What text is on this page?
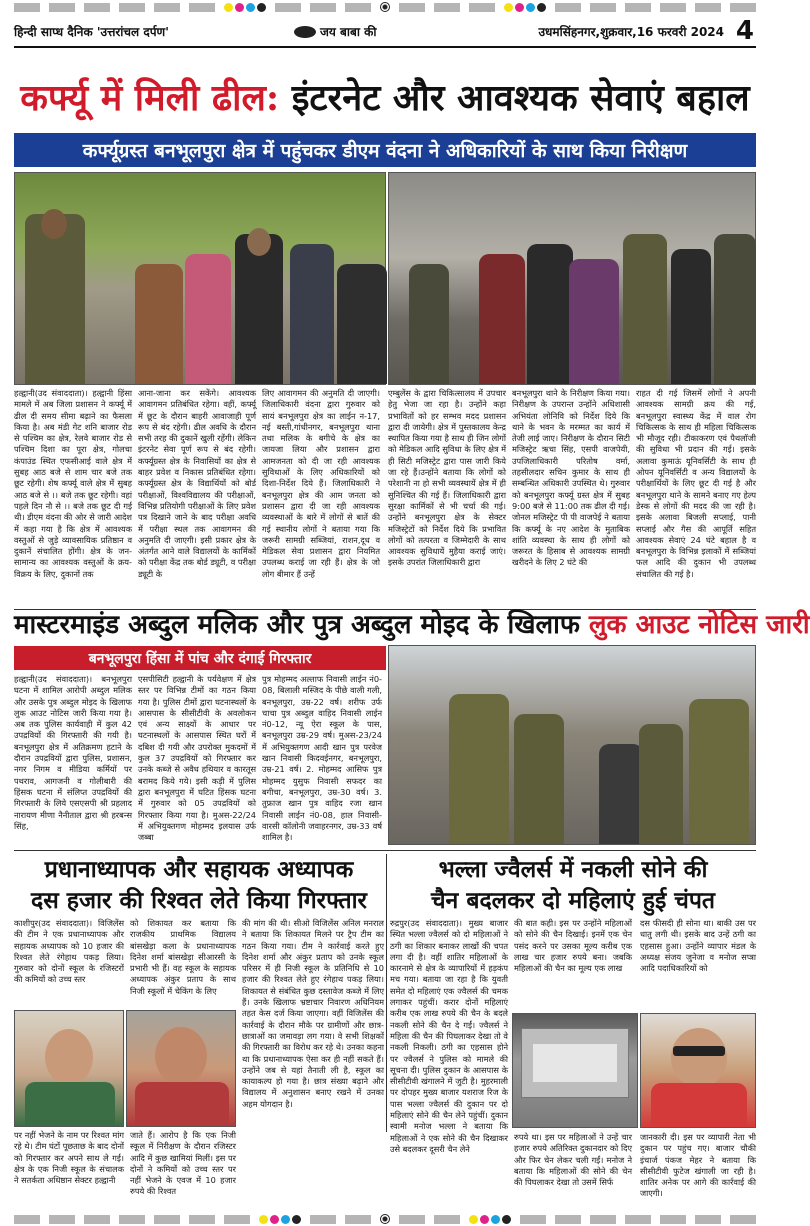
हिन्दी साप्ध दैनिक 'उत्तरांचल दर्पण'	जय बाबा की	उधमसिंहनगर,शुक्रवार,16 फरवरी 2024 4
कर्फ्यू में मिली ढील: इंटरनेट और आवश्यक सेवाएं बहाल
कर्फ्यूग्रस्त बनभूलपुरा क्षेत्र में पहुंचकर डीएम वंदना ने अधिकारियों के साथ किया निरीक्षण
हल्द्वानी(उद संवाददाता)। हल्द्वानी हिंसा मामले में अब जिला प्रशासन ने कर्फ्यू में ढील दी समय सीमा बढ़ाने का फैसला किया है। अब मंडी गेट शनि बाजार रोड से पश्चिम का क्षेत्र, रेलवे बाजार रोड से पश्चिम दिशा का पूरा क्षेत्र, गोलचा कंपाउंड स्थित एफसीआई वाले क्षेत्र में सुबह आठ बजे से शाम चार बजे तक छूट रहेगी। शेष कर्फ्यू वाले क्षेत्र में सुबह आठ बजे से ।। बजे तक छूट रहेगी। वहां पहले दिन नौ से ।। बजे तक छूट दी गई थी। डीएम वंदना की ओर से जारी आदेश में कहा गया है कि क्षेत्र में आवश्यक वस्तुओं से जुड़े व्यावसायिक प्रतिष्ठान व दुकानें संचालित होंगी। क्षेत्र के जन-सामान्य का आवश्यक वस्तुओं के क्रय-विक्रय के लिए, दुकानों तक
आना-जाना कर सकेंगे। आवश्यक आवागमन प्रतिबंधित रहेगा। वहीं, कर्फ्यू में छूट के दौरान बाहरी आवाजाही पूर्ण रूप से बंद रहेगी। ढील अवधि के दौरान सभी तरह की दुकानें खुली रहेंगी। लेकिन इंटरनेट सेवा पूर्ण रूप से बंद रहेगी। कर्फ्यूग्रस्त क्षेत्र के निवासियों का क्षेत्र से बाहर प्रवेश व निकास प्रतिबंधित रहेगा। कर्फ्यूग्रस्त क्षेत्र के विद्यार्थियों को बोर्ड परीक्षाओं, विश्वविद्यालय की परीक्षाओं, विभिन्न प्रतियोगी परीक्षाओं के लिए प्रवेश पत्र दिखाने जाने के बाद परीक्षा अवधि में परीक्षा स्थल तक आवागमन की अनुमति दी जाएगी। इसी प्रकार क्षेत्र के अंतर्गत आने वाले विद्यालयों के कार्मिकों को परीक्षा केंद्र तक बोर्ड ड्यूटी, व परीक्षा ड्यूटी के
लिए आवागमन की अनुमति दी जाएगी। जिलाधिकारी वंदना द्वारा गुरुवार को सायं बनभूलपुरा क्षेत्र का लाईन न-17, नई बस्ती,गांधीनगर, बनभूलपुरा थाना तथा मलिक के बगीचे के क्षेत्र का जायजा लिया और प्रशासन द्वारा आमजनता को दी जा रही आवश्यक सुविधाओं के लिए अधिकारियों को दिशा-निर्देश दिये हैं। जिलाधिकारी ने बनभूलपुरा क्षेत्र की आम जनता को प्रशासन द्वारा दी जा रही आवश्यक व्यवस्थाओं के बारे में लोगों से बातें की गई स्थानीय लोगों ने बताया गया कि जरूरी सामग्री सब्जियां, राशन,दूध व मेडिकल सेवा प्रशासन द्वारा नियमित उपलब्ध कराई जा रही हैं। क्षेत्र के जो लोग बीमार हैं उन्हें
एम्बुलेंस के द्वारा चिकित्सालय में उपचार हेतु भेजा जा रहा है। उन्होंने कहा प्रभावितों को हर सम्भव मदद प्रशासन द्वारा दी जायेगी। क्षेत्र में पुस्तकालय केन्द्र स्थापित किया गया है साथ ही जिन लोगों को मेडिकल आदि सुविधा के लिए क्षेत्र में ही सिटी मजिस्ट्रेट द्वारा पास जारी किये जा रहे हैं।उन्होंने बताया कि लोगों को परेशानी ना हो सभी व्यवस्थायें क्षेत्र में ही सुनिश्चित की गई हैं। जिलाधिकारी द्वारा सुरक्षा कार्मिकों से भी चर्चा की गई। उन्होंने बनभूलपुरा क्षेत्र के सेक्टर मजिस्ट्रेटों को निर्देश दिये कि प्रभावित लोगों को तत्परता व जिम्मेदारी के साथ आवश्यक सुविधायें मुहैया कराई जाएं। इसके उपरांत जिलाधिकारी द्वारा
बनभूलपुरा थाने के निरीक्षण किया गया। निरीक्षण के उपरान्त उन्होंने अधिशासी अभियंता लोनिवि को निर्देश दिये कि थाने के भवन के मरम्मत का कार्य में तेजी लाई जाए। निरीक्षण के दौरान सिटी मजिस्ट्रेट ऋचा सिंह, एसपी वाजपेयी, उपजिलाधिकारी परितोष वर्मा, तहसीलदार सचिन कुमार के साथ ही सम्बन्धित अधिकारी उपस्थित थे। गुरुवार को बनभूलपुरा कर्फ्यू ग्रस्त क्षेत्र में सुबह 9:00 बजे से 11:00 तक ढील दी गई। जोनल मजिस्ट्रेट पी पी वाजपेई ने बताया कि कर्फ्यू के नए आदेश के मुताबिक शांति व्यवस्था के साथ ही लोगों को जरूरत के हिसाब से आवश्यक सामग्री खरीदने के लिए 2 घंटे की
राहत दी गई जिसमें लोगों ने अपनी आवश्यक सामग्री क्रय की गई, बनभूलपुरा स्वास्थ्य केंद्र में वाल रोग चिकित्सक के साथ ही महिला चिकित्सक भी मौजूद रही। टीकाकरण एवं पैथलॉजी की सुविधा भी प्रदान की गई। इसके अलावा कुमाऊं यूनिवर्सिटी के साथ ही ओपन यूनिवर्सिटी व अन्य विद्यालयों के परीक्षार्थियों के लिए छूट दी गई है और बनभूलपुरा थाने के सामने बनाए गए हेल्प डेस्क से लोगों की मदद की जा रही है। इसके अलावा बिजली सप्लाई, पानी सप्लाई और गैस की आपूर्ति सहित आवश्यक सेवाएं 24 घंटे बहाल है व बनभूलपुरा के विभिन्न इलाकों में सब्जियां फल आदि की दुकान भी उपलब्ध संचालित की गई है।
मास्टरमाइंड अब्दुल मलिक और पुत्र अब्दुल मोइद के खिलाफ लुक आउट नोटिस जारी
बनभूलपुरा हिंसा में पांच और दंगाई गिरफ्तार
हल्द्वानी(उद संवाददाता)। बनभूलपुरा घटना में शामिल आरोपी अब्दुल मलिक और उसके पुत्र अब्दुल मोइद के खिलाफ लुक आउट नोटिस जारी किया गया है। अब तक पुलिस कार्यवाही में कुल 42 उपद्रवियों की गिरफ्तारी की गयी है। बनभूलपुरा क्षेत्र में अतिक्रमण हटाने के दौरान उपद्रवियों द्वारा पुलिस, प्रशासन, नगर निगम व मीडिया कर्मियों पर पथराव, आगजनी व गोलीबारी की हिंसक घटना में संलिप्त उपद्रवियों की गिरफ्तारी के लिये एसएसपी श्री प्रहलाद नारायण मीणा नैनीताल द्वारा श्री हरबन्स सिंह,
एसपीसिटी हल्द्वानी के पर्यवेक्षण में क्षेत्र स्तर पर विभिन्न टीमों का गठन किया गया है। पुलिस टीमों द्वारा घटनास्थलों के आसपास के सीसीटीवी के अवलोकन एवं अन्य साक्ष्यों के आधार पर घटनास्थलों के आसपास स्थित घरों में दबिश दी गयी और उपरोक्त मुकदमों में कुल 37 उपद्रवियों को गिरफ्तार कर उनके कब्जे से अवैध हथियार व कारतूस बरामद किये गये। इसी कड़ी में पुलिस द्वारा बनभूलपुरा में घटित हिंसक घटना में गुरुवार को 05 उपद्रवियों को गिरफ्तार किया गया है। मुअस-22/24 में अभियुक्तगण मोहम्मद इलयास उर्फ जब्बा
पुत्र मोहम्मद अल्ताफ निवासी लाईन नं0-08, बिलाली मस्जिद के पीछे वाली गली, बनभूलपुरा, उम्र-22 वर्ष। शरीफ उर्फ चाचा पुत्र अब्दुल वाहिद निवासी लाईन नं0-12, न्यू ऐरा स्कूल के पास, बनभूलपुरा उम्र-29 वर्ष। मुअस-23/24 में अभियुक्तगण आदी खान पुत्र परवेज खान निवासी किदवईनगर, बनभूलपुरा, उम्र-21 वर्ष। 2. मोहम्मद आसिफ पुत्र मोहम्मद युसुफ निवासी सफदर का बगीचा, बनभूलपुरा, उम्र-30 वर्ष। 3. तुफ्राज खान पुत्र वाहिद रजा खान निवासी लाईन नं0-08, हाल निवासी-वारसी कॉलोनी जवाहरनगर, उम्र-33 वर्ष शामिल है।
प्रधानाध्यापक और सहायक अध्यापक
दस हजार की रिश्वत लेते किया गिरफ्तार
काशीपुर(उद संवाददाता)। विजिलेंस की टीम ने एक प्रधानाध्यापक और सहायक अध्यापक को 10 हजार की रिश्वत लेते रंगेहाथ पकड़ लिया। गुरुवार को दोनों स्कूल के रजिस्टरों की कमियों को उच्च स्तर
को शिकायत कर बताया कि राजकीय प्राथमिक विद्यालय बांसखेड़ा कला के प्रधानाध्यापक दिनेश शर्मा बांसखेड़ा सीआरसी के प्रभारी भी हैं। वह स्कूल के सहायक अध्यापक अंकुर प्रताप के साथ निजी स्कूलों में चेकिंग के लिए
की मांग की थी। सीओ विजिलेंस अनिल मनराल ने बताया कि शिकायत मिलने पर ट्रैप टीम का गठन किया गया। टीम ने कार्रवाई करते हुए दिनेश शर्मा और अंकुर प्रताप को उनके स्कूल परिसर में ही निजी स्कूल के प्रतिनिधि से 10 हजार की रिश्वत लेते हुए रंगेहाथ पकड़ लिया। शिकायत से संबंधित कुछ दस्तावेज कब्जे में लिए हैं। उनके खिलाफ भ्रष्टाचार निवारण अधिनियम तहत केस दर्ज किया जाएगा। वहीं विजिलेंस की कार्रवाई के दौरान मौके पर ग्रामीणों और छात्र-छात्राओं का जमावड़ा लग गया। वे सभी शिक्षकों की गिरफ्तारी का विरोध कर रहे थे। उनका कहना था कि प्रधानाध्यापक ऐसा कर ही नहीं सकते हैं। उन्होंने जब से यहां तैनाती ली है, स्कूल का कायाकल्प हो गया है। छात्र संख्या बढ़ाने और विद्यालय में अनुशासन बनाए रखने में उनका अहम योगदान है।
पर नहीं भेजने के नाम पर रिश्वत मांग रहे थे। टीम घंटों पूछताछ के बाद दोनों को गिरफ्तार कर अपने साथ ले गई। क्षेत्र के एक निजी स्कूल के संचालक ने सतर्कता अधिष्ठान सेक्टर हल्द्वानी
जाते हैं। आरोप है कि एक निजी स्कूल में निरीक्षण के दौरान रजिस्टर आदि में कुछ खामियां मिलीं। इस पर दोनों ने कमियों को उच्च स्तर पर नहीं भेजने के एवज में 10 हजार रुपये की रिश्वत
भल्ला ज्वैलर्स में नकली सोने की
चैन बदलकर दो महिलाएं हुई चंपत
रुद्रपुर(उद संवाददाता)। मुख्य बाजार स्थित भल्ला ज्वैलर्स को दो महिलाओं ने ठगी का शिकार बनाकर लाखों की चपत लगा दी है। वहीं शातिर महिलाओं के कारनामे से क्षेत्र के व्यापारियों में हड़कंप मच गया। बताया जा रहा है कि युवती समेत दो महिलाएं एक ज्वैलर्स की चमक लगाकर पहुंचीं। करार दोनों महिलाएं करीब एक लाख रुपये की चैन के बदले नकली सोने की चैन दे गईं। ज्वैलर्स ने महिला की चैन की पिघलाकर देखा तो वे नकली निकली। ठगी का एहसास होने पर ज्वैलर्स ने पुलिस को मामले की सूचना दी। पुलिस दुकान के आसपास के सीसीटीवी खंगालने में जुटी है। मुहरमाली पर दोपहर मुख्य बाजार यशराज रिज के पास भल्ला ज्वैलर्स की दुकान पर दो महिलाएं सोने की चैन लेने पहुंचीं। दुकान स्वामी मनोज भल्ला ने बताया कि महिलाओं ने एक सोने की चैन दिखाकर उसे बदलकर दूसरी चैन लेने
की बात कही। इस पर उन्होंने महिलाओं को सोने की चैन दिखाई। इनमें एक चेन पसंद करने पर उसका मूल्य करीब एक लाख चार हजार रुपये बना। जबकि महिलाओं की चैन का मूल्य एक लाख
दस फीसदी ही सोना था। बाकी उस पर धातु लगी थी। इसके बाद उन्हें ठगी का एहसास हुआ। उन्होंने व्यापार मंडल के अध्यक्ष संजय जुनेजा व मनोज सप्त्रा आदि पदाधिकारियों को
रुपये था। इस पर महिलाओं ने उन्हें चार हजार रुपये अतिरिक्त दुकानदार को दिए और फिर चेन लेकर चली गईं। मनोज ने बताया कि महिलाओं की सोने की चेन की पिघलाकर देखा तो उसमें सिर्फ
जानकारी दी। इस पर व्यापारी नेता भी दुकान पर पहुंच गए। बाजार चौकी इंचार्ज पंकज मेहर ने बताया कि सीसीटीवी फुटेज खंगाली जा रही है। शातिर अनेक पर आगे की कार्रवाई की जाएगी।
